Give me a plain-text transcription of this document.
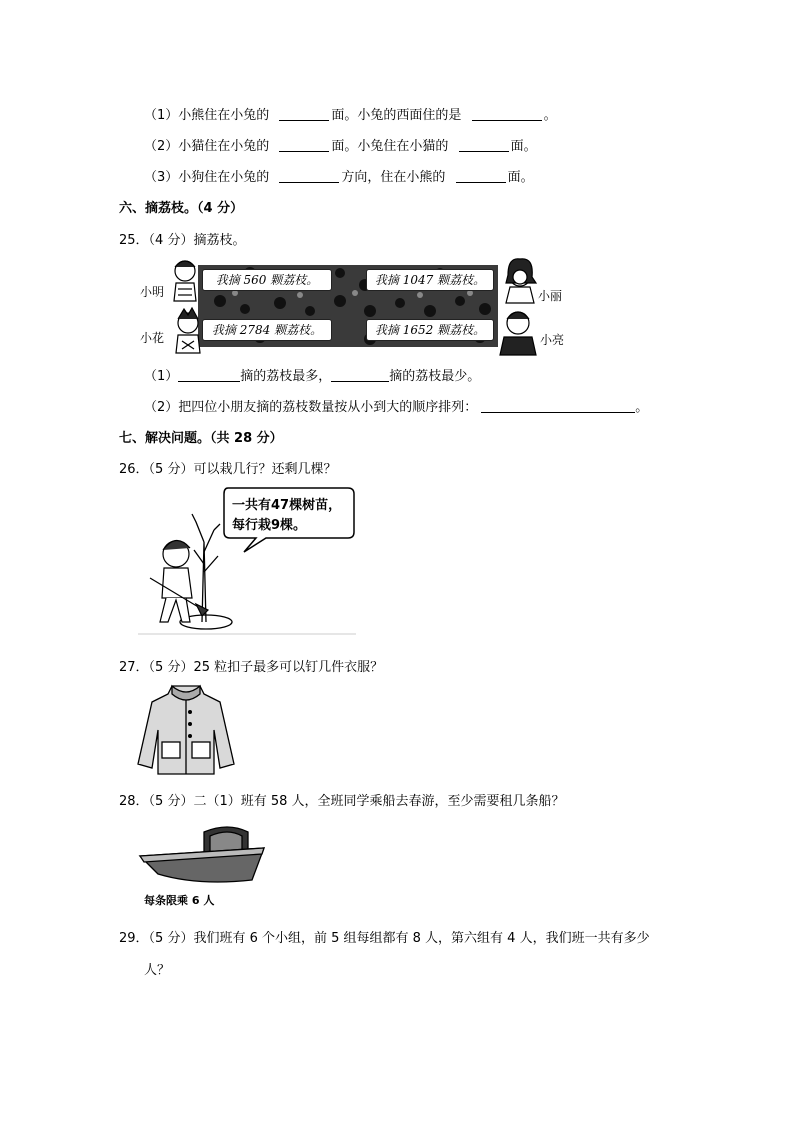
（1）小熊住在小兔的	面。小兔的西面住的是	。
（2）小猫住在小兔的	面。小兔住在小猫的	面。
（3）小狗住在小兔的	方向，住在小熊的	面。
六、摘荔枝。（4 分）
25．（4 分）摘荔枝。
小明	小丽
小花	小亮
我摘 560 颗荔枝。	我摘 1047 颗荔枝。
我摘 2784 颗荔枝。	我摘 1652 颗荔枝。
（1）	摘的荔枝最多，	摘的荔枝最少。
（2）把四位小朋友摘的荔枝数量按从小到大的顺序排列：	。
七、解决问题。（共 28 分）
26．（5 分）可以栽几行？还剩几棵？
一共有47棵树苗，
每行栽9棵。
27．（5 分）25 粒扣子最多可以钉几件衣服？
28．（5 分）二（1）班有 58 人，全班同学乘船去春游，至少需要租几条船？
每条限乘 6 人
29．（5 分）我们班有 6 个小组，前 5 组每组都有 8 人，第六组有 4 人，我们班一共有多少
人？
